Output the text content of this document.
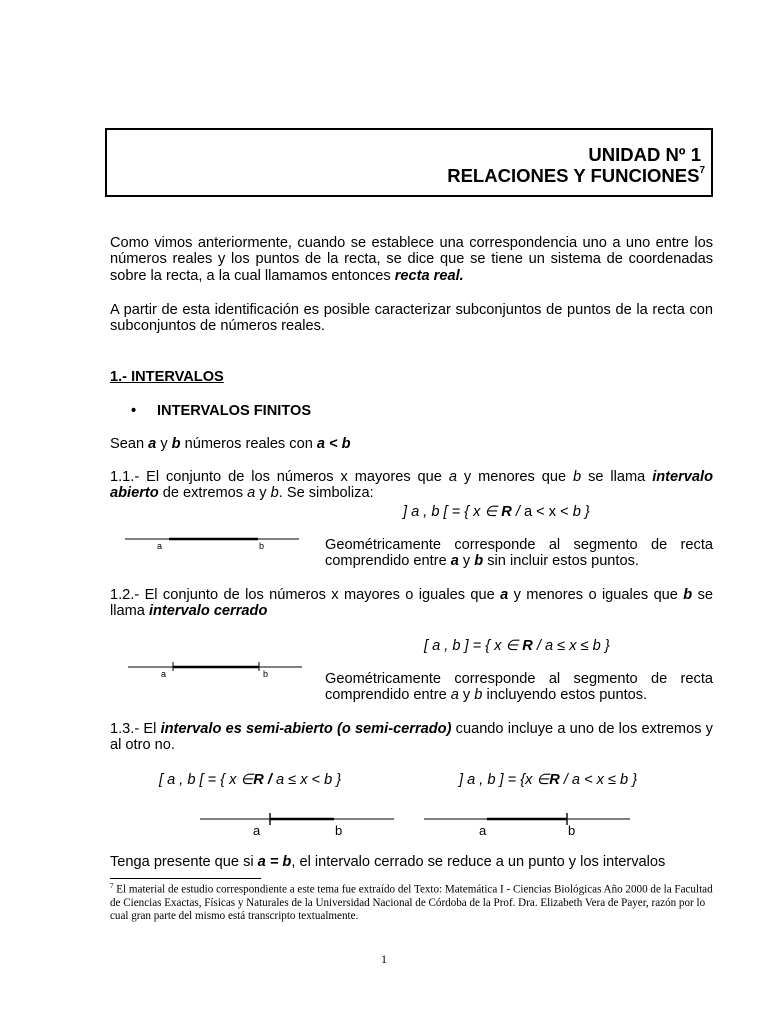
UNIDAD Nº 1
RELACIONES Y FUNCIONES$^7$
Como vimos anteriormente, cuando se establece una correspondencia uno a uno entre los números reales y los puntos de la recta, se dice que se tiene un sistema de coordenadas sobre la recta, a la cual llamamos entonces recta real.
A partir de esta identificación es posible caracterizar subconjuntos de puntos de la recta con subconjuntos de números reales.
1.- INTERVALOS
• INTERVALOS FINITOS
Sean a y b números reales con a < b
1.1.- El conjunto de los números x mayores que a y menores que b se llama intervalo abierto de extremos a y b. Se simboliza:
] a , b [ = { x ∈ R / a < x < b }
a	b	Geométricamente corresponde al segmento de recta comprendido entre a y b sin incluir estos puntos.
1.2.- El conjunto de los números x mayores o iguales que a y menores o iguales que b se llama intervalo cerrado
[ a , b ] = { x ∈ R / a ≤ x ≤ b }
a	b	Geométricamente corresponde al segmento de recta comprendido entre a y b incluyendo estos puntos.
1.3.- El intervalo es semi-abierto (o semi-cerrado) cuando incluye a uno de los extremos y al otro no.
[ a , b [ = { x ∈R / a ≤ x < b }	] a , b ] = {x ∈R / a < x ≤ b }
a	b	a	b
Tenga presente que si a = b, el intervalo cerrado se reduce a un punto y los intervalos
$^7$ El material de estudio correspondiente a este tema fue extraído del Texto: Matemática I - Ciencias Biológicas Año 2000 de la Facultad de Ciencias Exactas, Físicas y Naturales de la Universidad Nacional de Córdoba de la Prof. Dra. Elizabeth Vera de Payer, razón por lo cual gran parte del mismo está transcripto textualmente.
1
